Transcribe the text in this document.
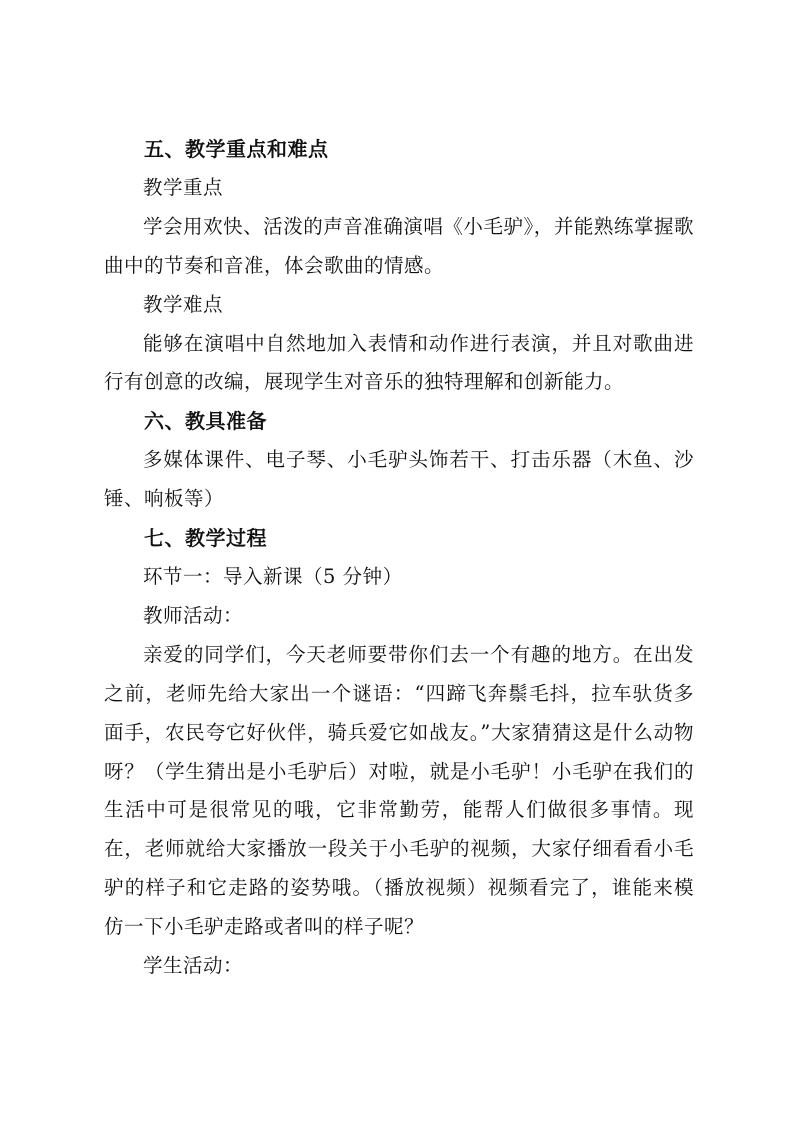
五、教学重点和难点

教学重点

学会用欢快、活泼的声音准确演唱《小毛驴》，并能熟练掌握歌曲中的节奏和音准，体会歌曲的情感。

教学难点

能够在演唱中自然地加入表情和动作进行表演，并且对歌曲进行有创意的改编，展现学生对音乐的独特理解和创新能力。

六、教具准备

多媒体课件、电子琴、小毛驴头饰若干、打击乐器（木鱼、沙锤、响板等）

七、教学过程

环节一：导入新课（5 分钟）

教师活动：

亲爱的同学们，今天老师要带你们去一个有趣的地方。在出发之前，老师先给大家出一个谜语：“四蹄飞奔鬃毛抖，拉车驮货多面手，农民夸它好伙伴，骑兵爱它如战友。”大家猜猜这是什么动物呀？（学生猜出是小毛驴后）对啦，就是小毛驴！小毛驴在我们的生活中可是很常见的哦，它非常勤劳，能帮人们做很多事情。现在，老师就给大家播放一段关于小毛驴的视频，大家仔细看看小毛驴的样子和它走路的姿势哦。（播放视频）视频看完了，谁能来模仿一下小毛驴走路或者叫的样子呢？

学生活动：
